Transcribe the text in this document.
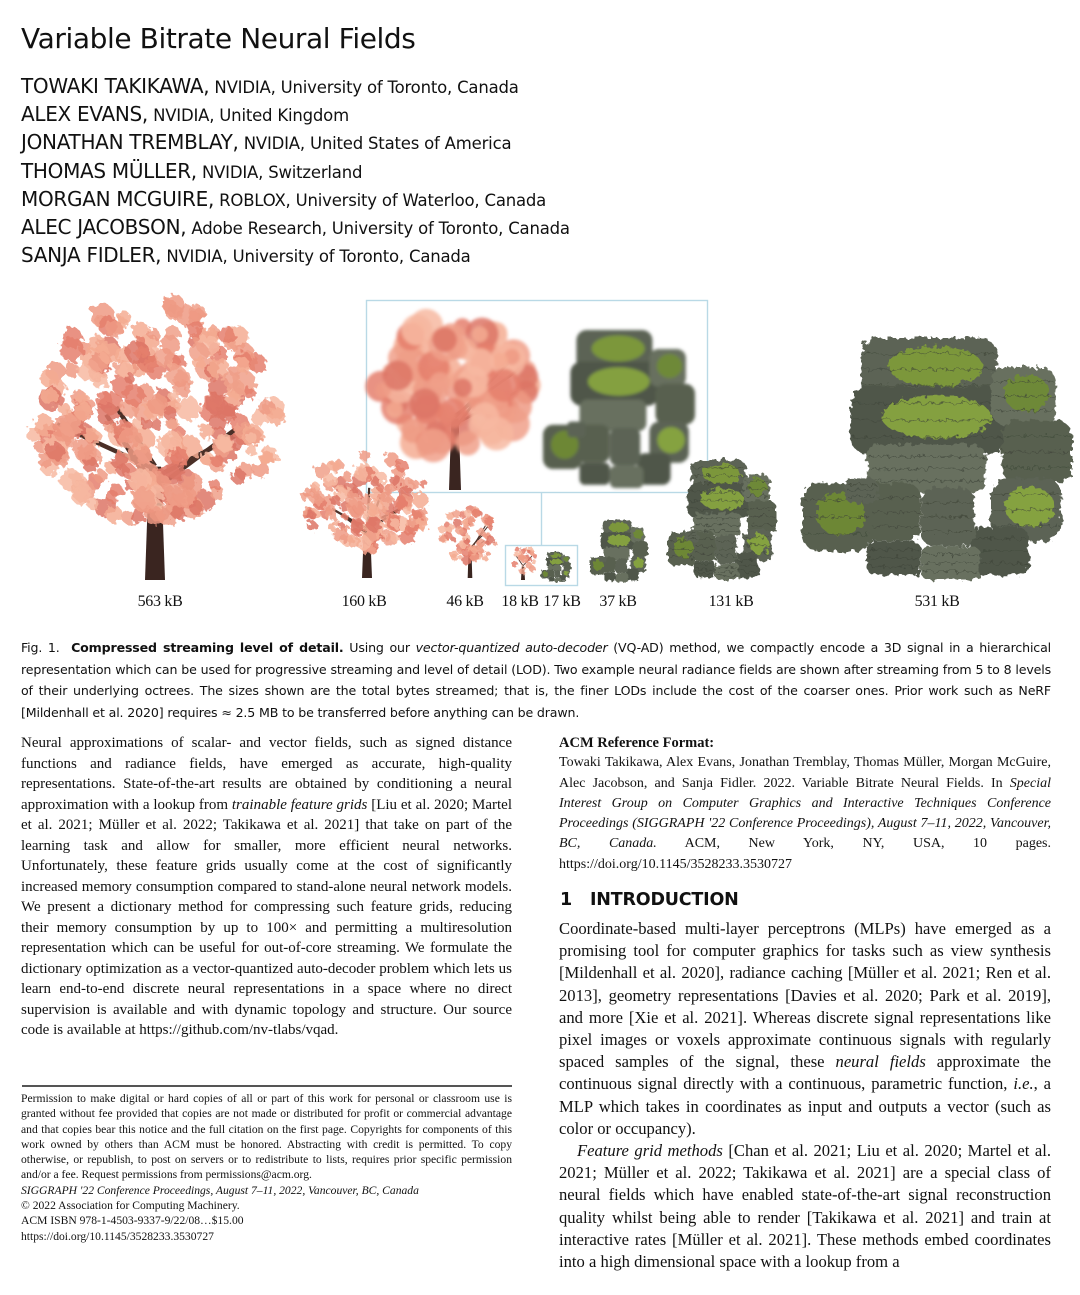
Variable Bitrate Neural Fields
TOWAKI TAKIKAWA, NVIDIA, University of Toronto, Canada
ALEX EVANS, NVIDIA, United Kingdom
JONATHAN TREMBLAY, NVIDIA, United States of America
THOMAS MÜLLER, NVIDIA, Switzerland
MORGAN MCGUIRE, ROBLOX, University of Waterloo, Canada
ALEC JACOBSON, Adobe Research, University of Toronto, Canada
SANJA FIDLER, NVIDIA, University of Toronto, Canada
563 kB	160 kB	46 kB 18 kB 17 kB 37 kB	131 kB	531 kB

Fig. 1. Compressed streaming level of detail. Using our vector-quantized auto-decoder (VQ-AD) method, we compactly encode a 3D signal in a hierarchical representation which can be used for progressive streaming and level of detail (LOD). Two example neural radiance fields are shown after streaming from 5 to 8 levels of their underlying octrees. The sizes shown are the total bytes streamed; that is, the finer LODs include the cost of the coarser ones. Prior work such as NeRF [Mildenhall et al. 2020] requires ≈ 2.5 MB to be transferred before anything can be drawn.

Neural approximations of scalar- and vector fields, such as signed distance functions and radiance fields, have emerged as accurate, high-quality representations. State-of-the-art results are obtained by conditioning a neural approximation with a lookup from trainable feature grids [Liu et al. 2020; Martel et al. 2021; Müller et al. 2022; Takikawa et al. 2021] that take on part of the learning task and allow for smaller, more efficient neural networks. Unfortunately, these feature grids usually come at the cost of significantly increased memory consumption compared to stand-alone neural network models. We present a dictionary method for compressing such feature grids, reducing their memory consumption by up to 100× and permitting a multiresolution representation which can be useful for out-of-core streaming. We formulate the dictionary optimization as a vector-quantized auto-decoder problem which lets us learn end-to-end discrete neural representations in a space where no direct supervision is available and with dynamic topology and structure. Our source code is available at https://github.com/nv-tlabs/vqad.

Permission to make digital or hard copies of all or part of this work for personal or classroom use is granted without fee provided that copies are not made or distributed for profit or commercial advantage and that copies bear this notice and the full citation on the first page. Copyrights for components of this work owned by others than ACM must be honored. Abstracting with credit is permitted. To copy otherwise, or republish, to post on servers or to redistribute to lists, requires prior specific permission and/or a fee. Request permissions from permissions@acm.org.
SIGGRAPH '22 Conference Proceedings, August 7–11, 2022, Vancouver, BC, Canada
© 2022 Association for Computing Machinery.
ACM ISBN 978-1-4503-9337-9/22/08…$15.00
https://doi.org/10.1145/3528233.3530727

ACM Reference Format:
Towaki Takikawa, Alex Evans, Jonathan Tremblay, Thomas Müller, Morgan McGuire, Alec Jacobson, and Sanja Fidler. 2022. Variable Bitrate Neural Fields. In Special Interest Group on Computer Graphics and Interactive Techniques Conference Proceedings (SIGGRAPH '22 Conference Proceedings), August 7–11, 2022, Vancouver, BC, Canada. ACM, New York, NY, USA, 10 pages. https://doi.org/10.1145/3528233.3530727

1 INTRODUCTION
Coordinate-based multi-layer perceptrons (MLPs) have emerged as a promising tool for computer graphics for tasks such as view synthesis [Mildenhall et al. 2020], radiance caching [Müller et al. 2021; Ren et al. 2013], geometry representations [Davies et al. 2020; Park et al. 2019], and more [Xie et al. 2021]. Whereas discrete signal representations like pixel images or voxels approximate continuous signals with regularly spaced samples of the signal, these neural fields approximate the continuous signal directly with a continuous, parametric function, i.e., a MLP which takes in coordinates as input and outputs a vector (such as color or occupancy).
Feature grid methods [Chan et al. 2021; Liu et al. 2020; Martel et al. 2021; Müller et al. 2022; Takikawa et al. 2021] are a special class of neural fields which have enabled state-of-the-art signal reconstruction quality whilst being able to render [Takikawa et al. 2021] and train at interactive rates [Müller et al. 2021]. These methods embed coordinates into a high dimensional space with a lookup from a
